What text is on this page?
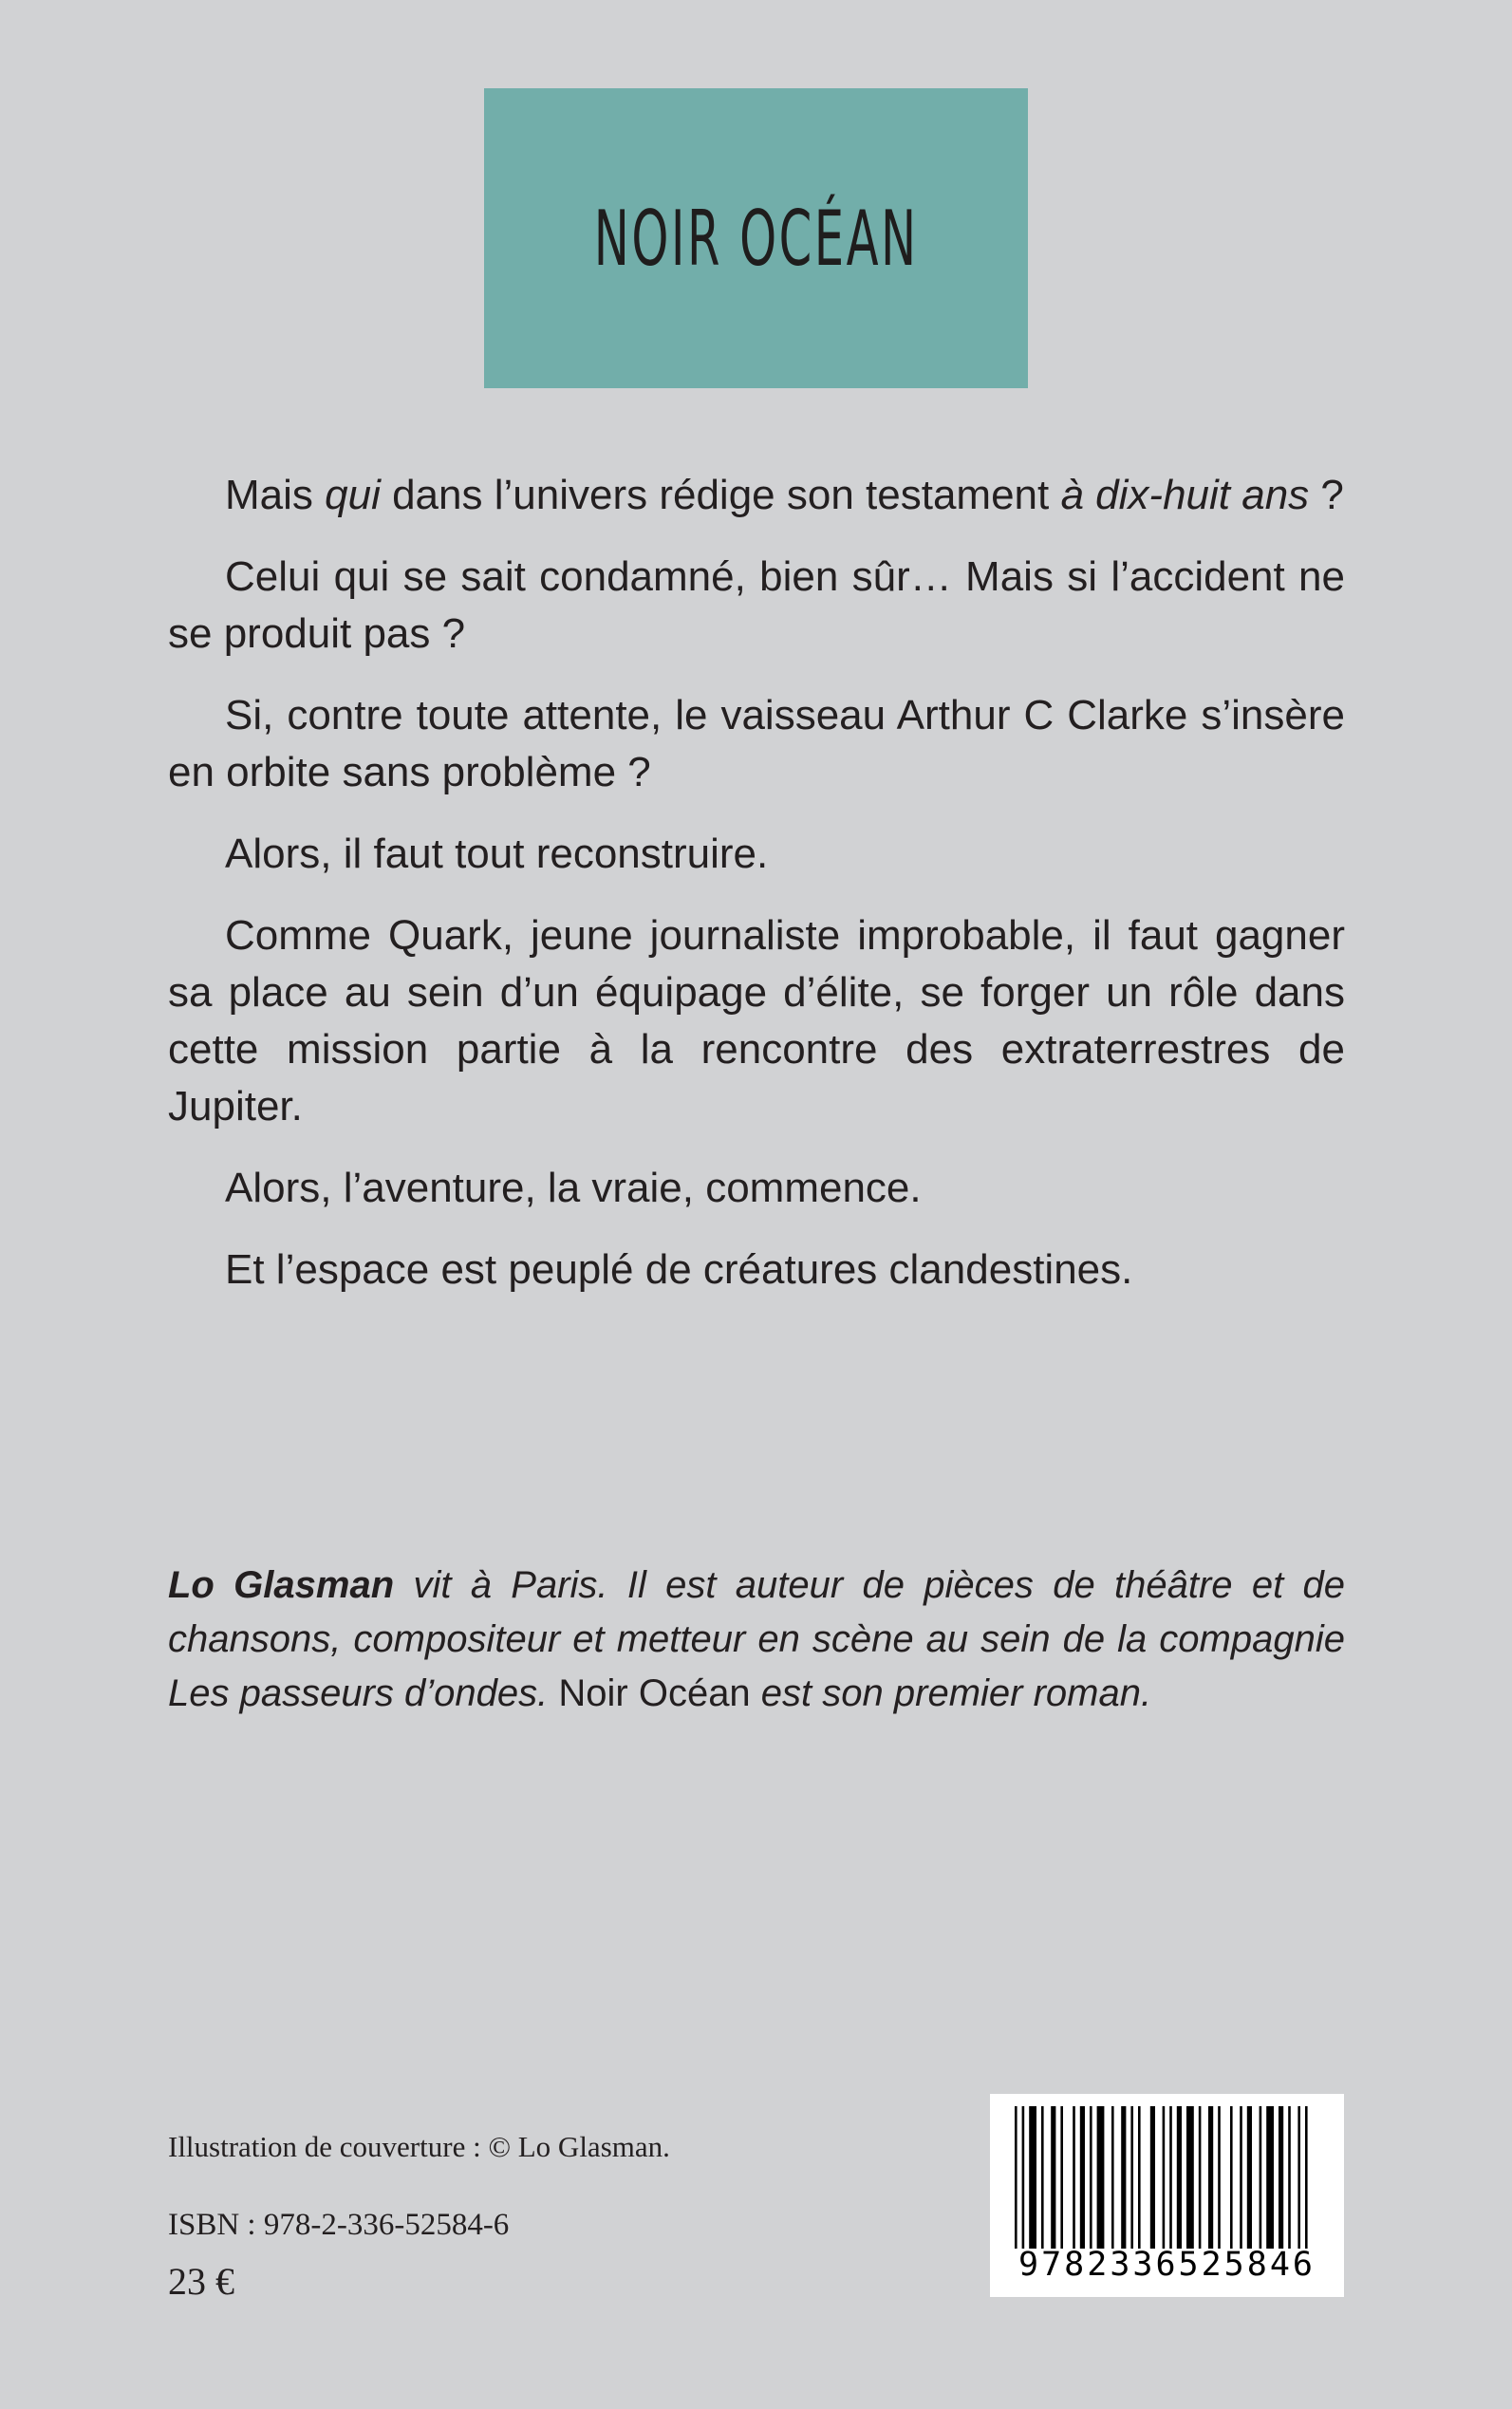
NOIR OCÉAN

Mais qui dans l’univers rédige son testament à dix-huit ans ?

Celui qui se sait condamné, bien sûr… Mais si l’accident ne se produit pas ?

Si, contre toute attente, le vaisseau Arthur C Clarke s’insère en orbite sans problème ?

Alors, il faut tout reconstruire.

Comme Quark, jeune journaliste improbable, il faut gagner sa place au sein d’un équipage d’élite, se forger un rôle dans cette mission partie à la rencontre des extraterrestres de Jupiter.

Alors, l’aventure, la vraie, commence.

Et l’espace est peuplé de créatures clandestines.

Lo Glasman vit à Paris. Il est auteur de pièces de théâtre et de chansons, compositeur et metteur en scène au sein de la compagnie Les passeurs d’ondes. Noir Océan est son premier roman.

Illustration de couverture : © Lo Glasman.
ISBN : 978-2-336-52584-6
23 €	9782336525846
